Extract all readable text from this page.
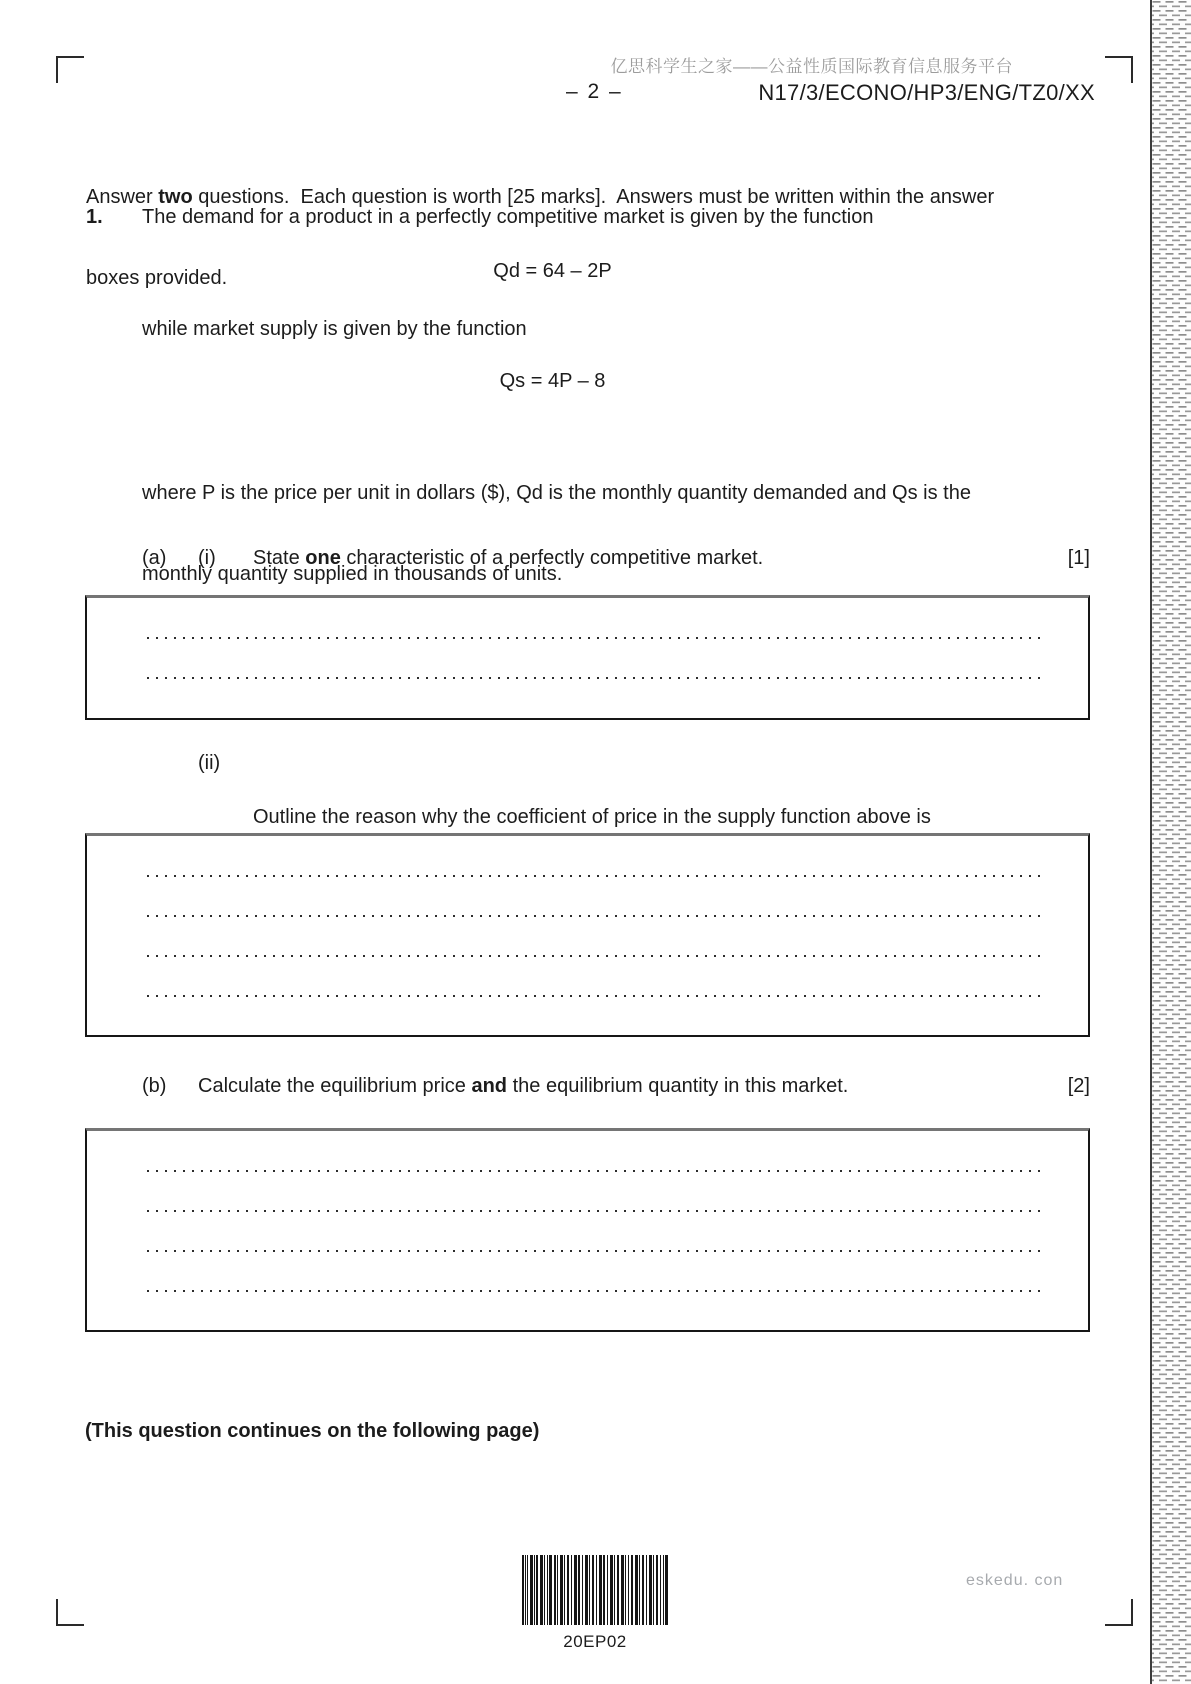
亿思科学生之家——公益性质国际教育信息服务平台
– 2 –	N17/3/ECONO/HP3/ENG/TZ0/XX

Answer two questions.  Each question is worth [25 marks].  Answers must be written within the answer

boxes provided.

1.	The demand for a product in a perfectly competitive market is given by the function
Qd = 64 – 2P
while market supply is given by the function
Qs = 4P – 8

where P is the price per unit in dollars ($), Qd is the monthly quantity demanded and Qs is the

monthly quantity supplied in thousands of units.

(a)	(i)	State one characteristic of a perfectly competitive market.	[1]
(ii)

Outline the reason why the coefficient of price in the supply function above is

(b)	Calculate the equilibrium price and the equilibrium quantity in this market.	[2]
(This question continues on the following page)
20EP02
eskedu. con
